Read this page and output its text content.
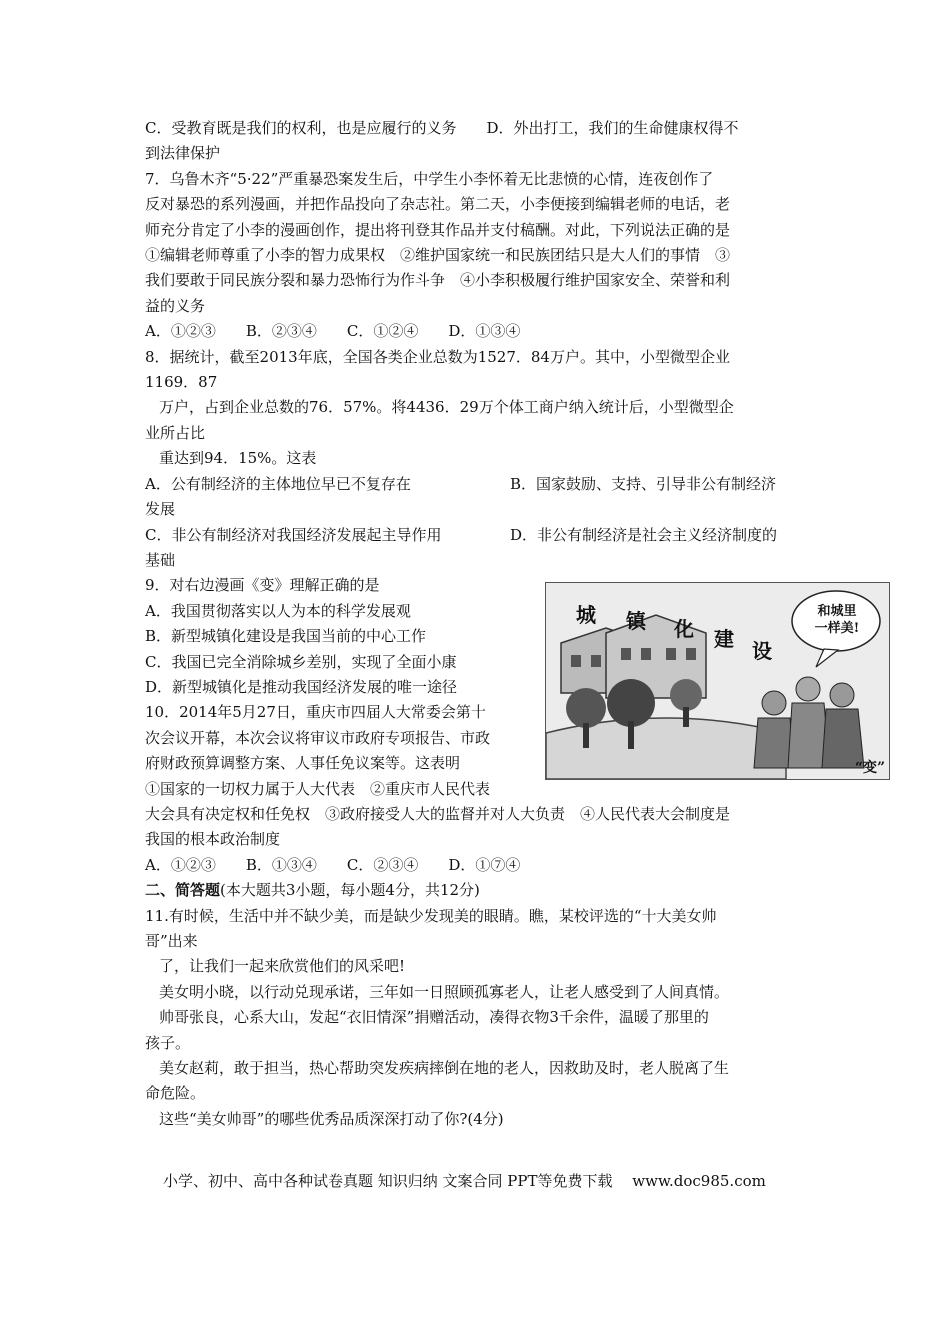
C．受教育既是我们的权利，也是应履行的义务　　D．外出打工，我们的生命健康权得不
到法律保护
7．乌鲁木齐“5·22”严重暴恐案发生后，中学生小李怀着无比悲愤的心情，连夜创作了
反对暴恐的系列漫画，并把作品投向了杂志社。第二天，小李便接到编辑老师的电话，老
师充分肯定了小李的漫画创作，提出将刊登其作品并支付稿酬。对此，下列说法正确的是
①编辑老师尊重了小李的智力成果权　②维护国家统一和民族团结只是大人们的事情　③
我们要敢于同民族分裂和暴力恐怖行为作斗争　④小李积极履行维护国家安全、荣誉和利
益的义务
A．①②③　　B．②③④　　C．①②④　　D．①③④
8．据统计，截至2013年底，全国各类企业总数为1527．84万户。其中，小型微型企业
1169．87
万户，占到企业总数的76．57%。将4436．29万个体工商户纳入统计后，小型微型企
业所占比
重达到94．15%。这表
A．公有制经济的主体地位早已不复存在	B．国家鼓励、支持、引导非公有制经济
发展
C．非公有制经济对我国经济发展起主导作用	D．非公有制经济是社会主义经济制度的
基础
9．对右边漫画《变》理解正确的是
A．我国贯彻落实以人为本的科学发展观
B．新型城镇化建设是我国当前的中心工作
C．我国已完全消除城乡差别，实现了全面小康
D．新型城镇化是推动我国经济发展的唯一途径
10．2014年5月27日，重庆市四届人大常委会第十
次会议开幕，本次会议将审议市政府专项报告、市政
府财政预算调整方案、人事任免议案等。这表明
①国家的一切权力属于人大代表　②重庆市人民代表
大会具有决定权和任免权　③政府接受人大的监督并对人大负责　④人民代表大会制度是
我国的根本政治制度
A．①②③　　B．①③④　　C．②③④　　D．①⑦④
二、简答题(本大题共3小题，每小题4分，共12分)
11.有时候，生活中并不缺少美，而是缺少发现美的眼睛。瞧，某校评选的“十大美女帅
哥”出来
了，让我们一起来欣赏他们的风采吧!
美女明小晓，以行动兑现承诺，三年如一日照顾孤寡老人，让老人感受到了人间真情。
帅哥张良，心系大山，发起“衣旧情深”捐赠活动，凑得衣物3千余件，温暖了那里的
孩子。
美女赵莉，敢于担当，热心帮助突发疾病摔倒在地的老人，因救助及时，老人脱离了生
命危险。
这些“美女帅哥”的哪些优秀品质深深打动了你?(4分)
城 镇 化 建 设
和城里
一样美!
“变”
小学、初中、高中各种试卷真题 知识归纳 文案合同 PPT等免费下载　 www.doc985.com
